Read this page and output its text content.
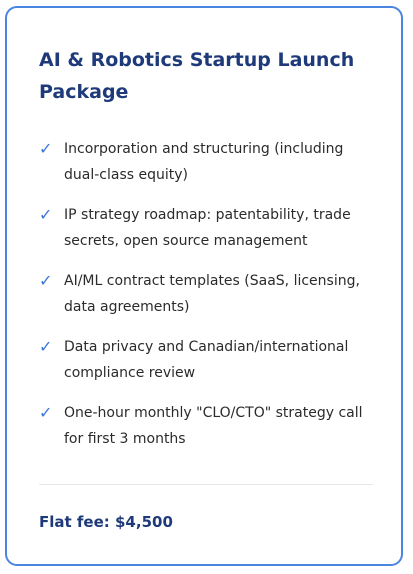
AI & Robotics Startup Launch Package
✓ Incorporation and structuring (including dual-class equity)
✓ IP strategy roadmap: patentability, trade secrets, open source management
✓ AI/ML contract templates (SaaS, licensing, data agreements)
✓ Data privacy and Canadian/international compliance review
✓ One-hour monthly "CLO/CTO" strategy call for first 3 months

Flat fee: $4,500
